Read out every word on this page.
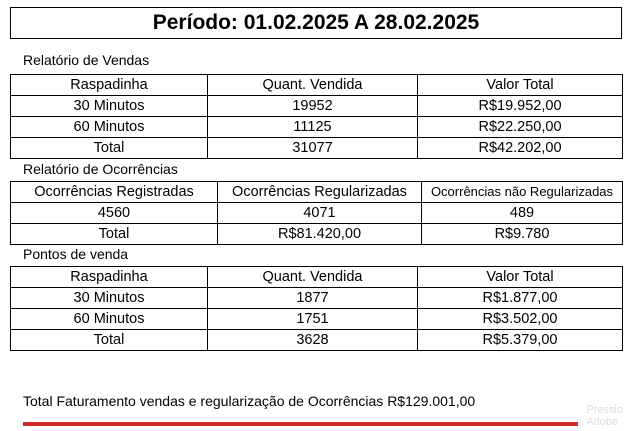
Período: 01.02.2025 A 28.02.2025
Relatório de Vendas
Raspadinha	Quant. Vendida	Valor Total
30 Minutos	19952	R$19.952,00
60 Minutos	11125	R$22.250,00
Total	31077	R$42.202,00
Relatório de Ocorrências
Ocorrências Registradas	Ocorrências Regularizadas	Ocorrências não Regularizadas
4560	4071	489
Total	R$81.420,00	R$9.780
Pontos de venda
Raspadinha	Quant. Vendida	Valor Total
30 Minutos	1877	R$1.877,00
60 Minutos	1751	R$3.502,00
Total	3628	R$5.379,00
Total Faturamento vendas e regularização de Ocorrências R$129.001,00
Pressio
Adobe
